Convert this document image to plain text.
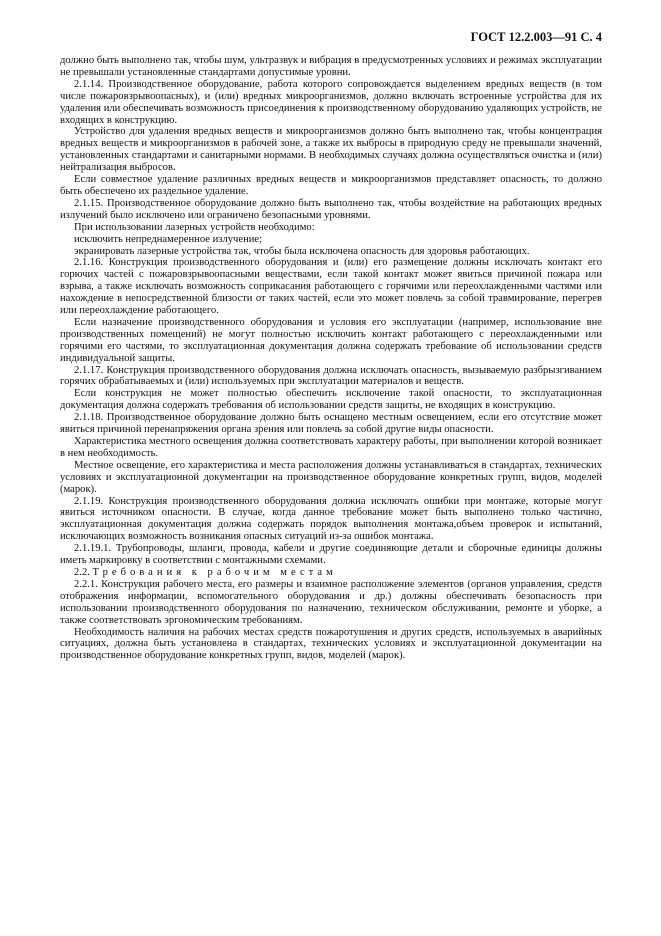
ГОСТ 12.2.003—91 С. 4

должно быть выполнено так, чтобы шум, ультразвук и вибрация в предусмотренных условиях и режимах эксплуатации не превышали установленные стандартами допустимые уровни.

2.1.14. Производственное оборудование, работа которого сопровождается выделением вредных веществ (в том числе пожаровзрывоопасных), и (или) вредных микроорганизмов, должно включать встроенные устройства для их удаления или обеспечивать возможность присоединения к производственному оборудованию удаляющих устройств, не входящих в конструкцию.

Устройство для удаления вредных веществ и микроорганизмов должно быть выполнено так, чтобы концентрация вредных веществ и микроорганизмов в рабочей зоне, а также их выбросы в природную среду не превышали значений, установленных стандартами и санитарными нормами. В необходимых случаях должна осуществляться очистка и (или) нейтрализация выбросов.

Если совместное удаление различных вредных веществ и микроорганизмов представляет опасность, то должно быть обеспечено их раздельное удаление.

2.1.15. Производственное оборудование должно быть выполнено так, чтобы воздействие на работающих вредных излучений было исключено или ограничено безопасными уровнями.

При использовании лазерных устройств необходимо:

исключить непреднамеренное излучение;

экранировать лазерные устройства так, чтобы была исключена опасность для здоровья работающих.

2.1.16. Конструкция производственного оборудования и (или) его размещение должны исключать контакт его горючих частей с пожаровзрывоопасными веществами, если такой контакт может явиться причиной пожара или взрыва, а также исключать возможность соприкасания работающего с горячими или переохлажденными частями или нахождение в непосредственной близости от таких частей, если это может повлечь за собой травмирование, перегрев или переохлаждение работающего.

Если назначение производственного оборудования и условия его эксплуатации (например, использование вне производственных помещений) не могут полностью исключить контакт работающего с переохлажденными или горячими его частями, то эксплуатационная документация должна содержать требование об использовании средств индивидуальной защиты.

2.1.17. Конструкция производственного оборудования должна исключать опасность, вызываемую разбрызгиванием горячих обрабатываемых и (или) используемых при эксплуатации материалов и веществ.

Если конструкция не может полностью обеспечить исключение такой опасности, то эксплуатационная документация должна содержать требования об использовании средств защиты, не входящих в конструкцию.

2.1.18. Производственное оборудование должно быть оснащено местным освещением, если его отсутствие может явиться причиной перенапряжения органа зрения или повлечь за собой другие виды опасности.

Характеристика местного освещения должна соответствовать характеру работы, при выполнении которой возникает в нем необходимость.

Местное освещение, его характеристика и места расположения должны устанавливаться в стандартах, технических условиях и эксплуатационной документации на производственное оборудование конкретных групп, видов, моделей (марок).

2.1.19. Конструкция производственного оборудования должна исключать ошибки при монтаже, которые могут явиться источником опасности. В случае, когда данное требование может быть выполнено только частично, эксплуатационная документация должна содержать порядок выполнения монтажа,объем проверок и испытаний, исключающих возможность возникания опасных ситуаций из-за ошибок монтажа.

2.1.19.1. Трубопроводы, шланги, провода, кабели и другие соединяющие детали и сборочные единицы должны иметь маркировку в соответствии с монтажными схемами.

2.2. Требования к рабочим местам

2.2.1. Конструкция рабочего места, его размеры и взаимное расположение элементов (органов управления, средств отображения информации, вспомогательного оборудования и др.) должны обеспечивать безопасность при использовании производственного оборудования по назначению, техническом обслуживании, ремонте и уборке, а также соответствовать эргономическим требованиям.

Необходимость наличия на рабочих местах средств пожаротушения и других средств, используемых в аварийных ситуациях, должна быть установлена в стандартах, технических условиях и эксплуатационной документации на производственное оборудование конкретных групп, видов, моделей (марок).
